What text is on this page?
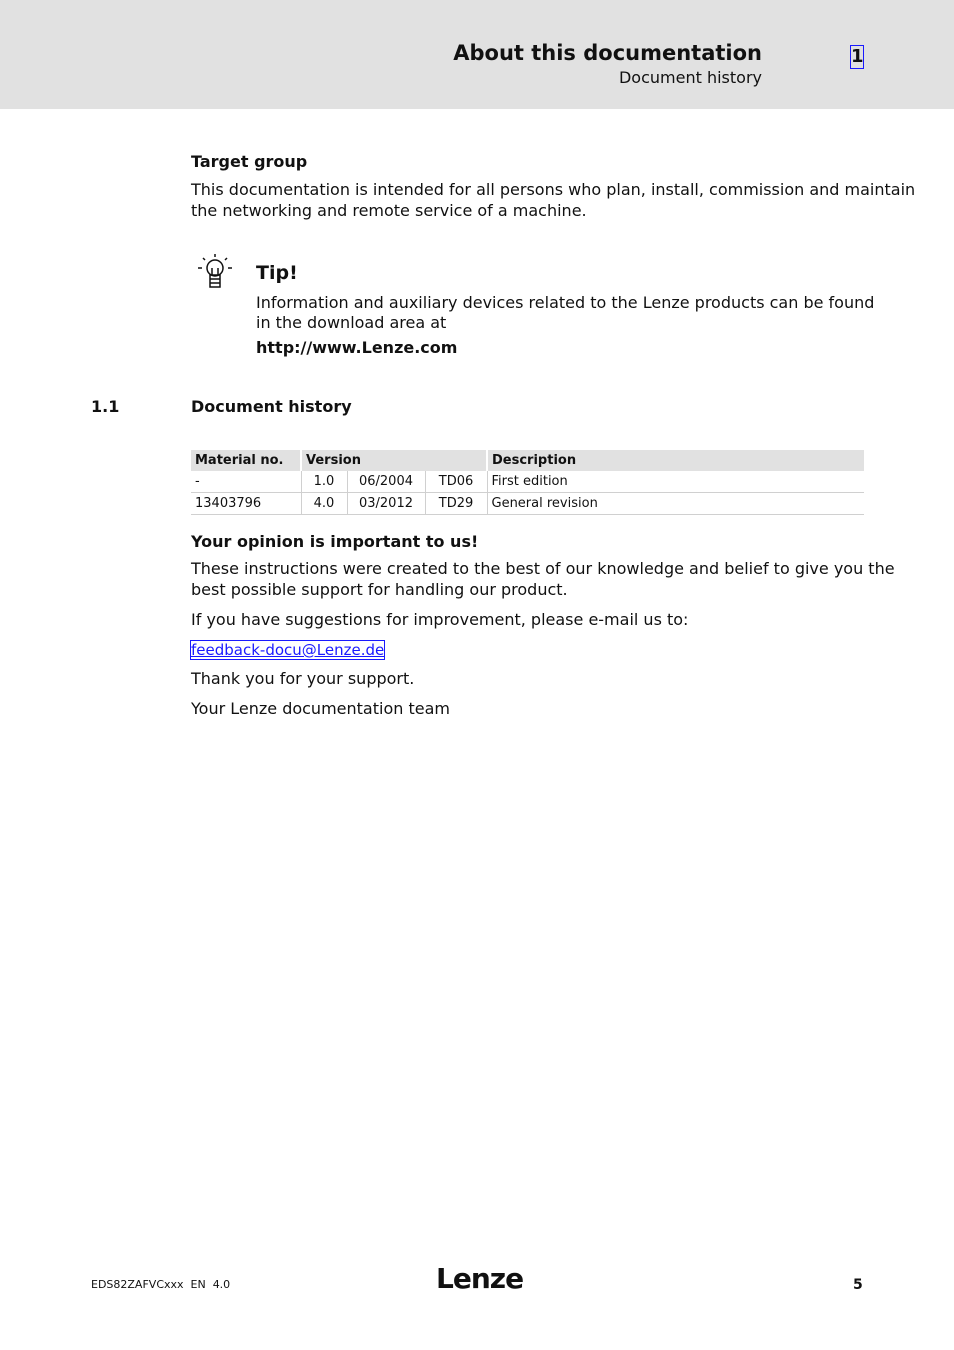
About this documentation
Document history
1
Target group
This documentation is intended for all persons who plan, install, commission and maintain
the networking and remote service of a machine.
Tip!
Information and auxiliary devices related to the Lenze products can be found
in the download area at
http://www.Lenze.com
1.1	Document history
Material no.	Version			Description
-	1.0	06/2004	TD06	First edition
13403796	4.0	03/2012	TD29	General revision
Your opinion is important to us!
These instructions were created to the best of our knowledge and belief to give you the
best possible support for handling our product.
If you have suggestions for improvement, please e-mail us to:
feedback-docu@Lenze.de
Thank you for your support.
Your Lenze documentation team
EDS82ZAFVCxxx  EN  4.0	Lenze	5
